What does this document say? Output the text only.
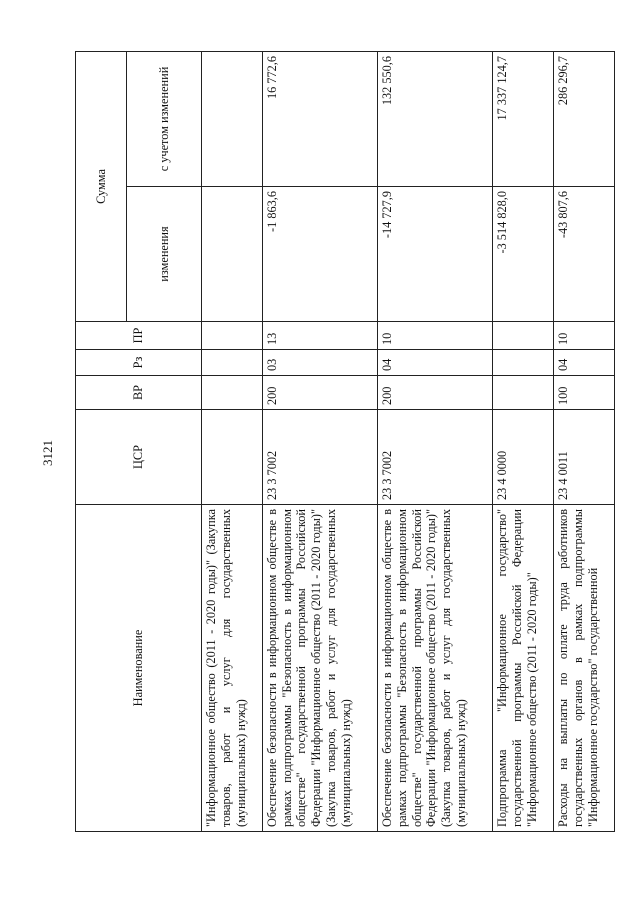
3121
Наименование	ЦСР	ВР	Рз	ПР	Сумма	
					изменения	с учетом изменений
"Информационное общество (2011 - 2020 годы)" (Закупка товаров, работ и услуг для государственных (муниципальных) нужд)						
Обеспечение безопасности в информационном обществе в рамках подпрограммы "Безопасность в информационном обществе" государственной программы Российской Федерации "Информационное общество (2011 - 2020 годы)" (Закупка товаров, работ и услуг для государственных (муниципальных) нужд)	23 3 7002	200	03	13	-1 863,6	16 772,6
Обеспечение безопасности в информационном обществе в рамках подпрограммы "Безопасность в информационном обществе" государственной программы Российской Федерации "Информационное общество (2011 - 2020 годы)" (Закупка товаров, работ и услуг для государственных (муниципальных) нужд)	23 3 7002	200	04	10	-14 727,9	132 550,6
Подпрограмма "Информационное государство" государственной программы Российской Федерации "Информационное общество (2011 - 2020 годы)"	23 4 0000				-3 514 828,0	17 337 124,7
Расходы на выплаты по оплате труда работников государственных органов в рамках подпрограммы "Информационное государство" государственной	23 4 0011	100	04	10	-43 807,6	286 296,7
